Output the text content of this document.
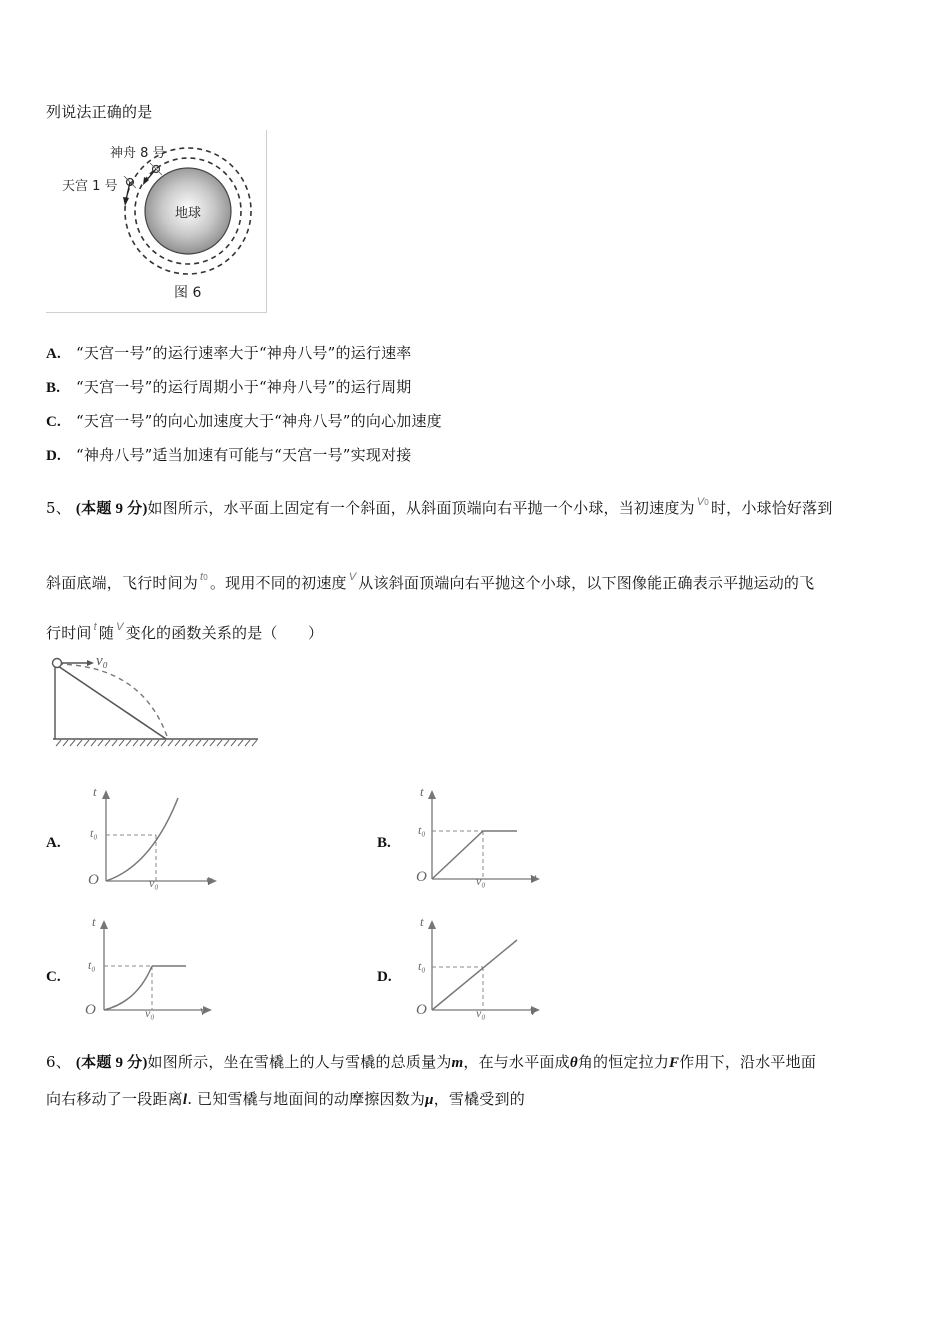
列说法正确的是
神舟 8 号
天宫 1 号
地球
图 6
A. “天宫一号”的运行速率大于“神舟八号”的运行速率
B. “天宫一号”的运行周期小于“神舟八号”的运行周期
C. “天宫一号”的向心加速度大于“神舟八号”的向心加速度
D. “神舟八号”适当加速有可能与“天宫一号”实现对接
5、 (本题 9 分)如图所示，水平面上固定有一个斜面，从斜面顶端向右平抛一个小球，当初速度为 $^{V0}$ 时，小球恰好落到
斜面底端，飞行时间为 $^{t0}$ 。现用不同的初速度 $^V$ 从该斜面顶端向右平抛这个小球，以下图像能正确表示平抛运动的飞
行时间 $^t$ 随 $^V$ 变化的函数关系的是（　　）
v₀
A.
t
t₀
O	v₀	v
B.
t
t₀
O	v₀	v
C.
t
t₀
O	v₀	v
D.
t
t₀
O	v₀	v
6、 (本题 9 分)如图所示，坐在雪橇上的人与雪橇的总质量为m，在与水平面成θ角的恒定拉力F作用下，沿水平地面
向右移动了一段距离l. 已知雪橇与地面间的动摩擦因数为μ，雪橇受到的
